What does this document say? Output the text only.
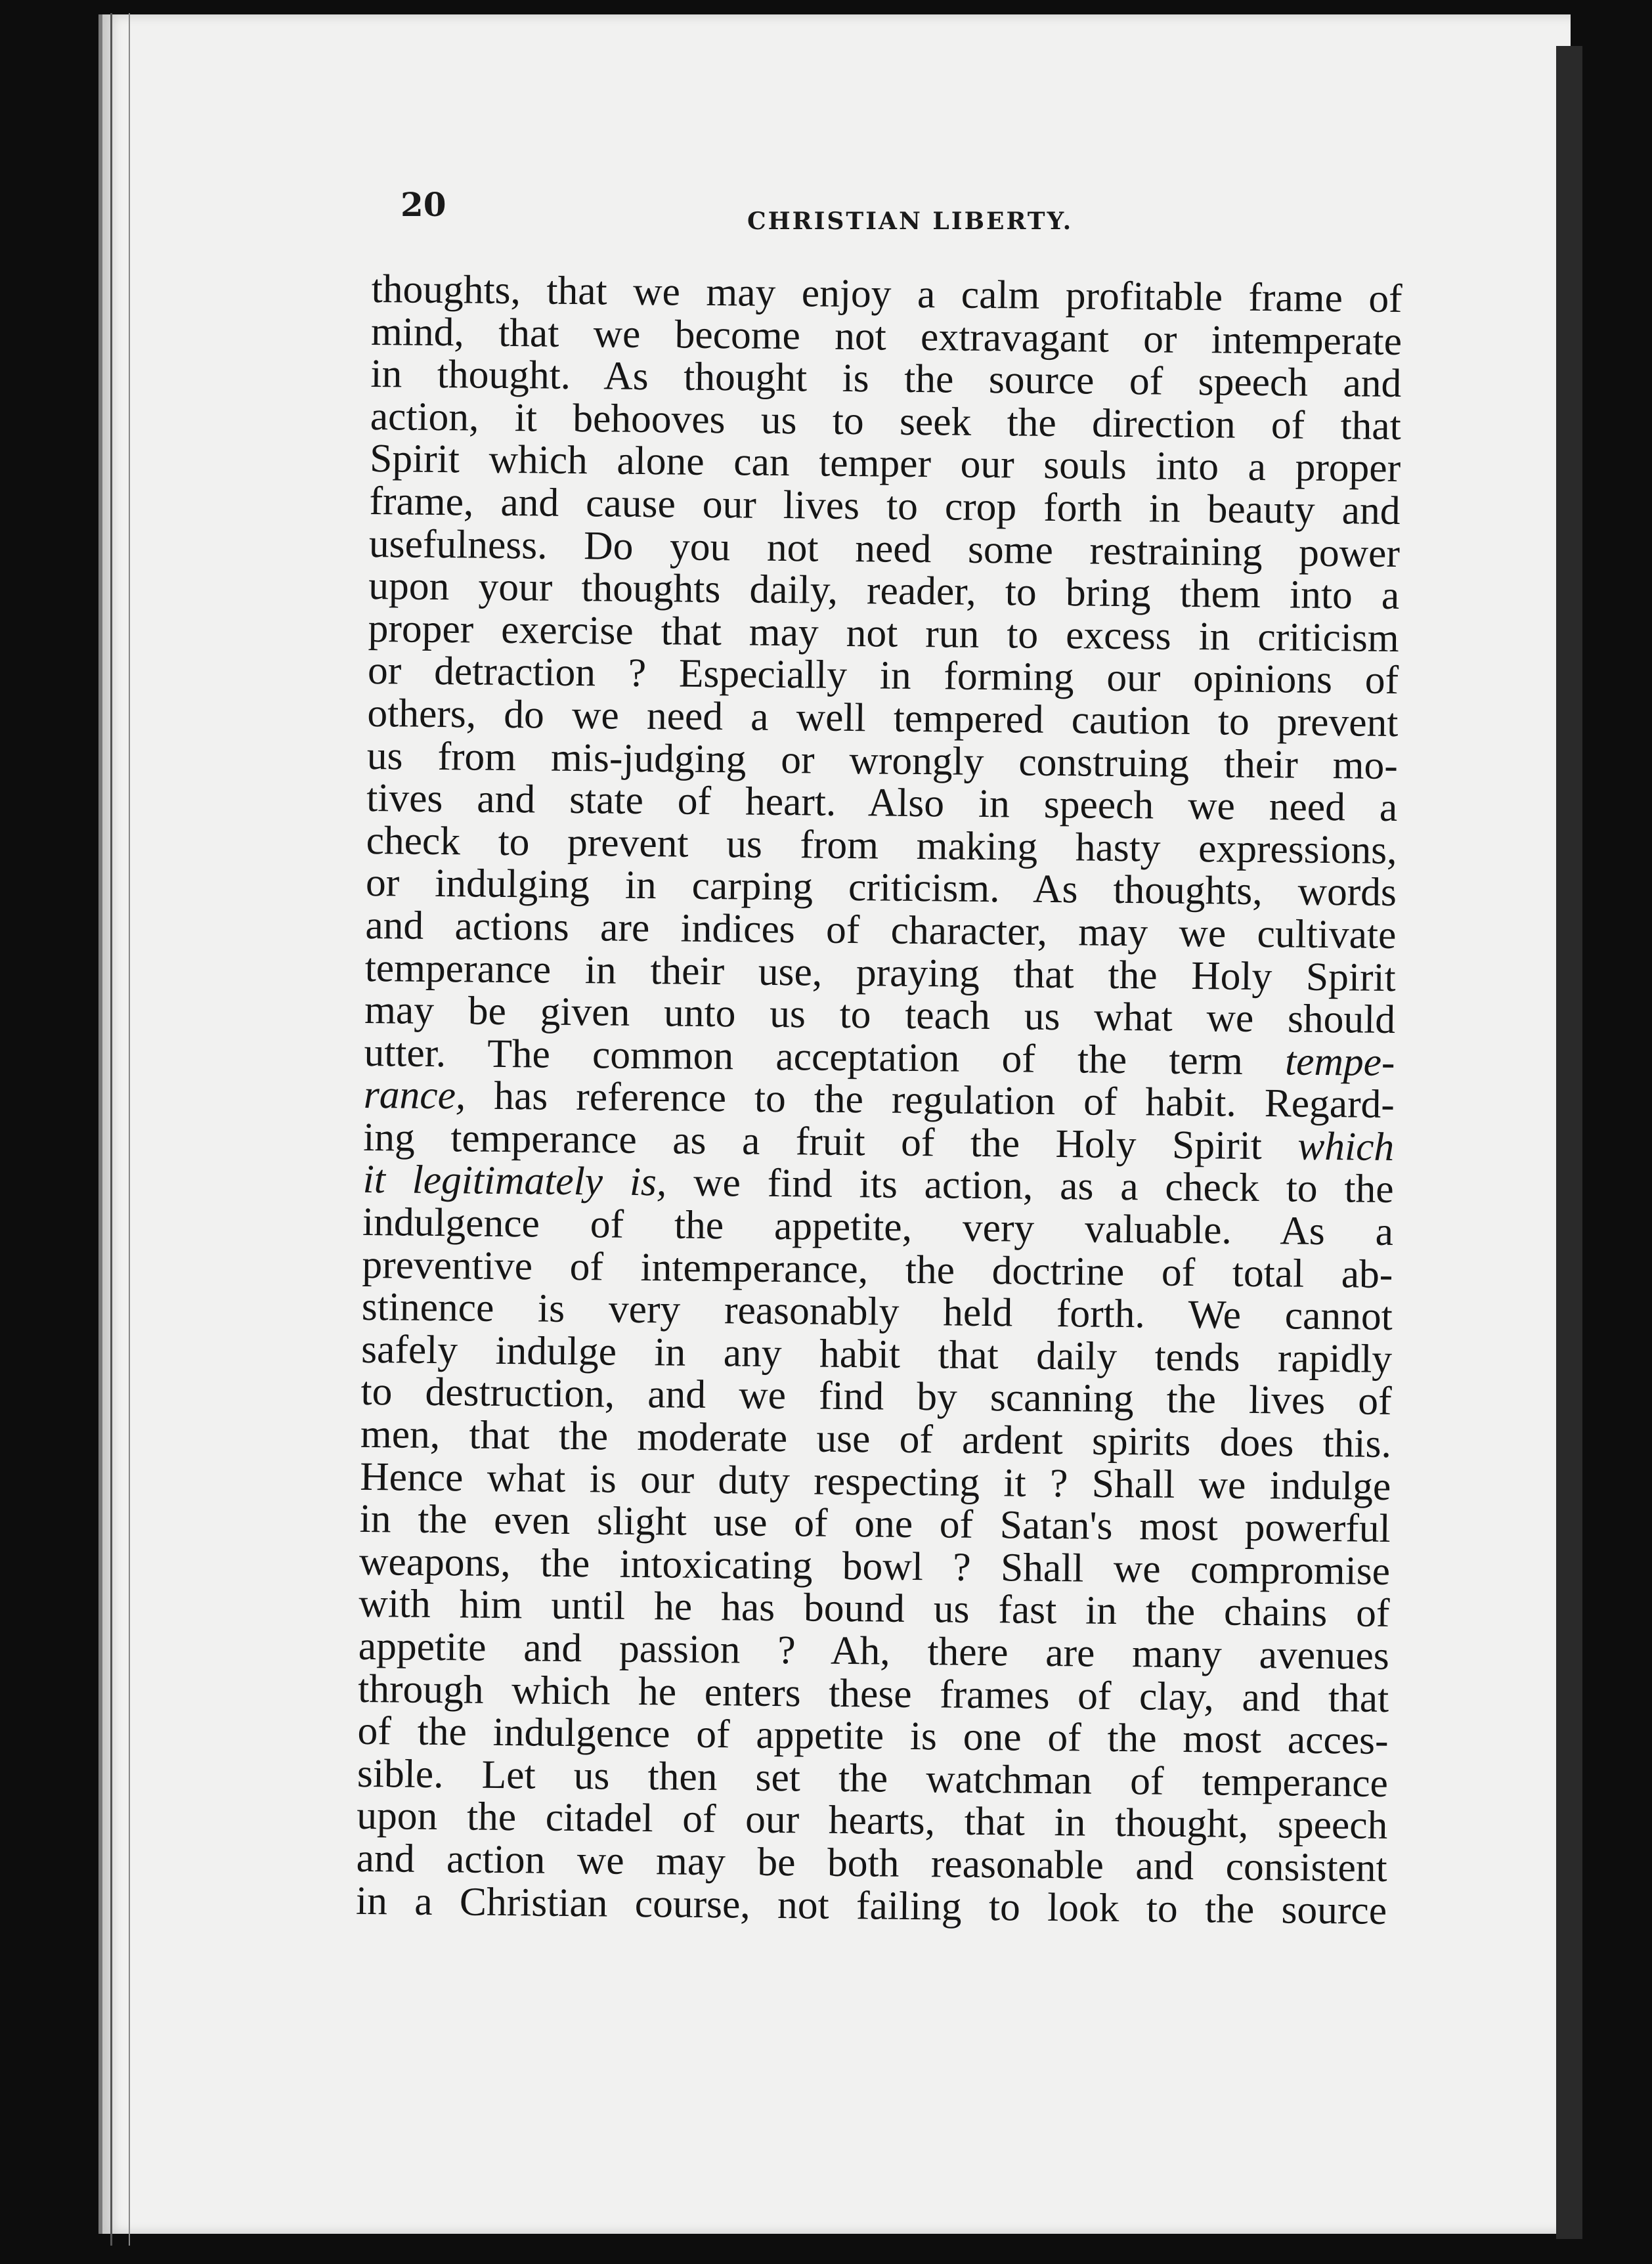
20	CHRISTIAN LIBERTY.
thoughts, that we may enjoy a calm profitable frame of
mind, that we become not extravagant or intemperate
in thought. As thought is the source of speech and
action, it behooves us to seek the direction of that
Spirit which alone can temper our souls into a proper
frame, and cause our lives to crop forth in beauty and
usefulness. Do you not need some restraining power
upon your thoughts daily, reader, to bring them into a
proper exercise that may not run to excess in criticism
or detraction ? Especially in forming our opinions of
others, do we need a well tempered caution to prevent
us from mis-judging or wrongly construing their mo-
tives and state of heart. Also in speech we need a
check to prevent us from making hasty expressions,
or indulging in carping criticism. As thoughts, words
and actions are indices of character, may we cultivate
temperance in their use, praying that the Holy Spirit
may be given unto us to teach us what we should
utter. The common acceptation of the term tempe-
rance, has reference to the regulation of habit. Regard-
ing temperance as a fruit of the Holy Spirit which
it legitimately is, we find its action, as a check to the
indulgence of the appetite, very valuable. As a
preventive of intemperance, the doctrine of total ab-
stinence is very reasonably held forth. We cannot
safely indulge in any habit that daily tends rapidly
to destruction, and we find by scanning the lives of
men, that the moderate use of ardent spirits does this.
Hence what is our duty respecting it ? Shall we indulge
in the even slight use of one of Satan's most powerful
weapons, the intoxicating bowl ? Shall we compromise
with him until he has bound us fast in the chains of
appetite and passion ? Ah, there are many avenues
through which he enters these frames of clay, and that
of the indulgence of appetite is one of the most acces-
sible. Let us then set the watchman of temperance
upon the citadel of our hearts, that in thought, speech
and action we may be both reasonable and consistent
in a Christian course, not failing to look to the source
